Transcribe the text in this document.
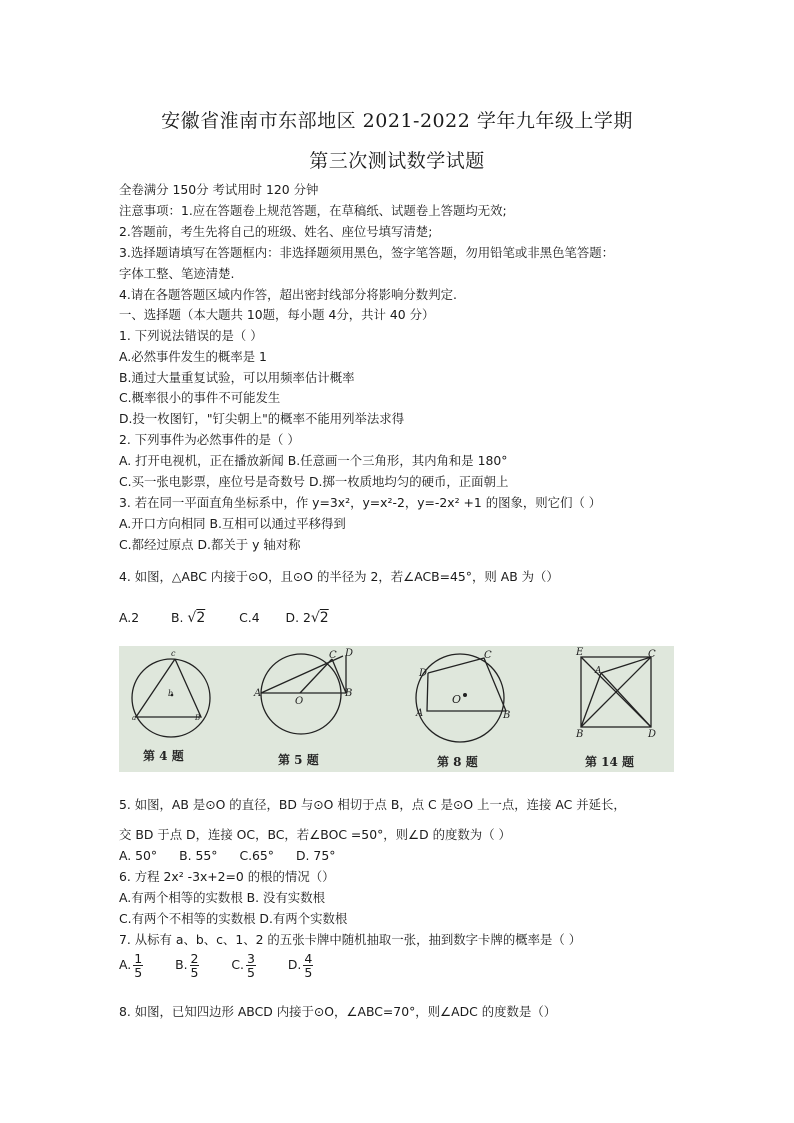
安徽省淮南市东部地区 2021-2022 学年九年级上学期
第三次测试数学试题
全卷满分 150分 考试用时 120 分钟
注意事项：1.应在答题卷上规范答题，在草稿纸、试题卷上答题均无效;
2.答题前，考生先将自己的班级、姓名、座位号填写清楚;
3.选择题请填写在答题框内：非选择题须用黑色，签字笔答题，勿用铅笔或非黑色笔答题：
字体工整、笔迹清楚.
4.请在各题答题区域内作答，超出密封线部分将影响分数判定.
一、选择题（本大题共 10题，每小题 4分，共计 40 分）
1. 下列说法错误的是（ ）
A.必然事件发生的概率是 1
B.通过大量重复试验，可以用频率估计概率
C.概率很小的事件不可能发生
D.投一枚图钉，"钉尖朝上"的概率不能用列举法求得
2. 下列事件为必然事件的是（ ）
A. 打开电视机，正在播放新闻 B.任意画一个三角形，其内角和是 180°
C.买一张电影票，座位号是奇数号 D.掷一枚质地均匀的硬币，正面朝上
3. 若在同一平面直角坐标系中，作 y=3x²，y=x²-2，y=-2x² +1 的图象，则它们（ ）
A.开口方向相同 B.互相可以通过平移得到
C.都经过原点 D.都关于 y 轴对称
4. 如图，△ABC 内接于⊙O，且⊙O 的半径为 2，若∠ACB=45°，则 AB 为（）
A.2	B. √2	C.4 D. 2√2
c
b
a	B
第 4 题
C D
A
O
B
第 5 题
D
C
O
A	B
第 8 题
E	C
A
B	D
第 14 题
5. 如图，AB 是⊙O 的直径，BD 与⊙O 相切于点 B，点 C 是⊙O 上一点，连接 AC 并延长，
交 BD 于点 D，连接 OC，BC，若∠BOC =50°，则∠D 的度数为（ ）
A. 50° B. 55° C.65° D. 75°
6. 方程 2x² -3x+2=0 的根的情况（）
A.有两个相等的实数根 B. 没有实数根
C.有两个不相等的实数根 D.有两个实数根
7. 从标有 a、b、c、1、2 的五张卡牌中随机抽取一张，抽到数字卡牌的概率是（ ）
A. $\frac{1}{5}$	B. $\frac{2}{5}$	C. $\frac{3}{5}$	D. $\frac{4}{5}$
8. 如图，已知四边形 ABCD 内接于⊙O，∠ABC=70°，则∠ADC 的度数是（）
